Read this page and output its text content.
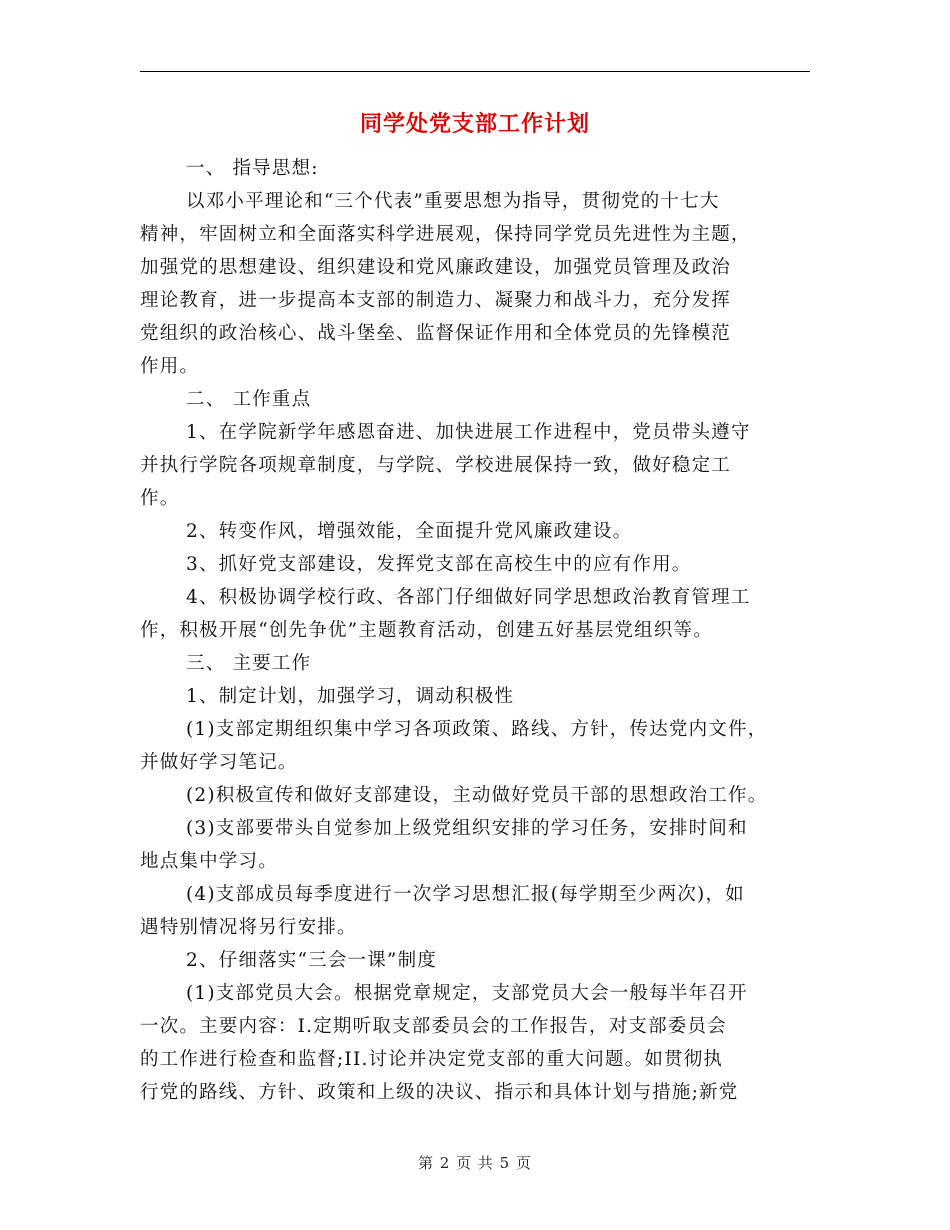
同学处党支部工作计划
一、 指导思想:
以邓小平理论和“三个代表”重要思想为指导，贯彻党的十七大
精神，牢固树立和全面落实科学进展观，保持同学党员先进性为主题，
加强党的思想建设、组织建设和党风廉政建设，加强党员管理及政治
理论教育，进一步提高本支部的制造力、凝聚力和战斗力，充分发挥
党组织的政治核心、战斗堡垒、监督保证作用和全体党员的先锋模范
作用。
二、 工作重点
1、在学院新学年感恩奋进、加快进展工作进程中，党员带头遵守
并执行学院各项规章制度，与学院、学校进展保持一致，做好稳定工
作。
2、转变作风，增强效能，全面提升党风廉政建设。
3、抓好党支部建设，发挥党支部在高校生中的应有作用。
4、积极协调学校行政、各部门仔细做好同学思想政治教育管理工
作，积极开展“创先争优”主题教育活动，创建五好基层党组织等。
三、 主要工作
1、制定计划，加强学习，调动积极性
(1)支部定期组织集中学习各项政策、路线、方针，传达党内文件，
并做好学习笔记。
(2)积极宣传和做好支部建设，主动做好党员干部的思想政治工作。
(3)支部要带头自觉参加上级党组织安排的学习任务，安排时间和
地点集中学习。
(4)支部成员每季度进行一次学习思想汇报(每学期至少两次)，如
遇特别情况将另行安排。
2、仔细落实“三会一课”制度
(1)支部党员大会。根据党章规定，支部党员大会一般每半年召开
一次。主要内容：I.定期听取支部委员会的工作报告，对支部委员会
的工作进行检查和监督;II.讨论并决定党支部的重大问题。如贯彻执
行党的路线、方针、政策和上级的决议、指示和具体计划与措施;新党
第 2 页 共 5 页
